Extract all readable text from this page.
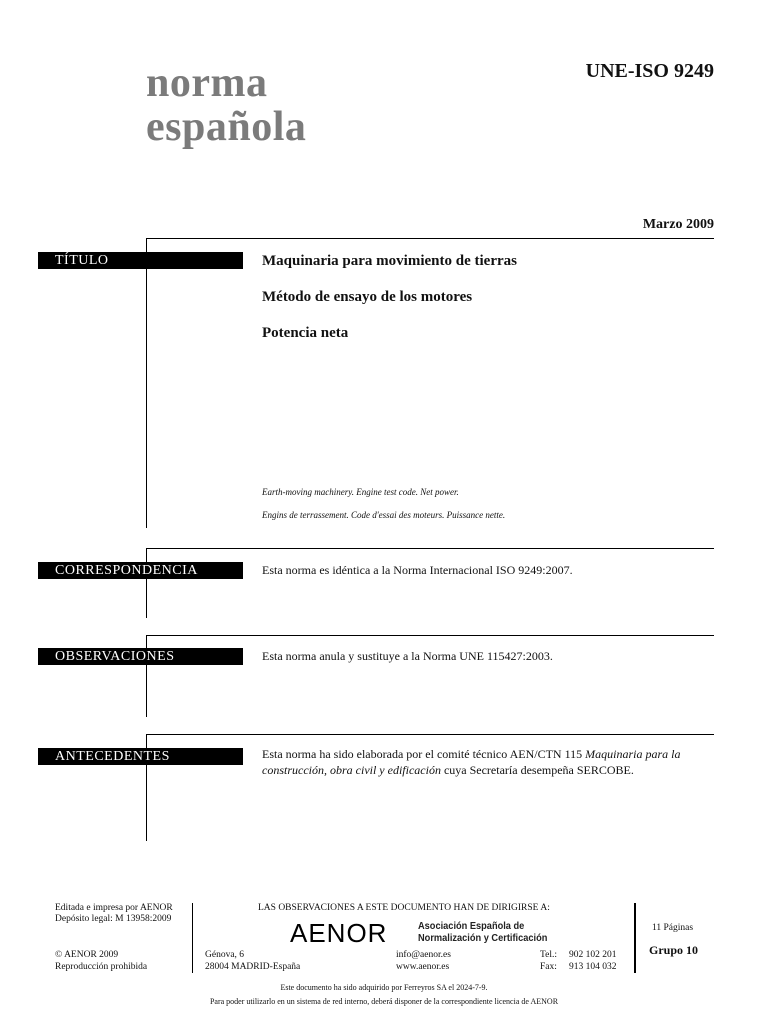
norma
española
UNE-ISO 9249
Marzo 2009
TÍTULO	Maquinaria para movimiento de tierras
Método de ensayo de los motores
Potencia neta
Earth-moving machinery. Engine test code. Net power.
Engins de terrassement. Code d'essai des moteurs. Puissance nette.
CORRESPONDENCIA	Esta norma es idéntica a la Norma Internacional ISO 9249:2007.
OBSERVACIONES	Esta norma anula y sustituye a la Norma UNE 115427:2003.
ANTECEDENTES	Esta norma ha sido elaborada por el comité técnico AEN/CTN 115 Maquinaria para la construcción, obra civil y edificación cuya Secretaría desempeña SERCOBE.
Editada e impresa por AENOR
Depósito legal: M 13958:2009
© AENOR 2009
Reproducción prohibida
LAS OBSERVACIONES A ESTE DOCUMENTO HAN DE DIRIGIRSE A:
AENOR	Asociación Española de
Normalización y Certificación
Génova, 6
28004 MADRID-España
info@aenor.es
www.aenor.es
Tel.: 902 102 201
Fax: 913 104 032
11 Páginas
Grupo 10
Este documento ha sido adquirido por Ferreyros SA el 2024-7-9.
Para poder utilizarlo en un sistema de red interno, deberá disponer de la correspondiente licencia de AENOR
